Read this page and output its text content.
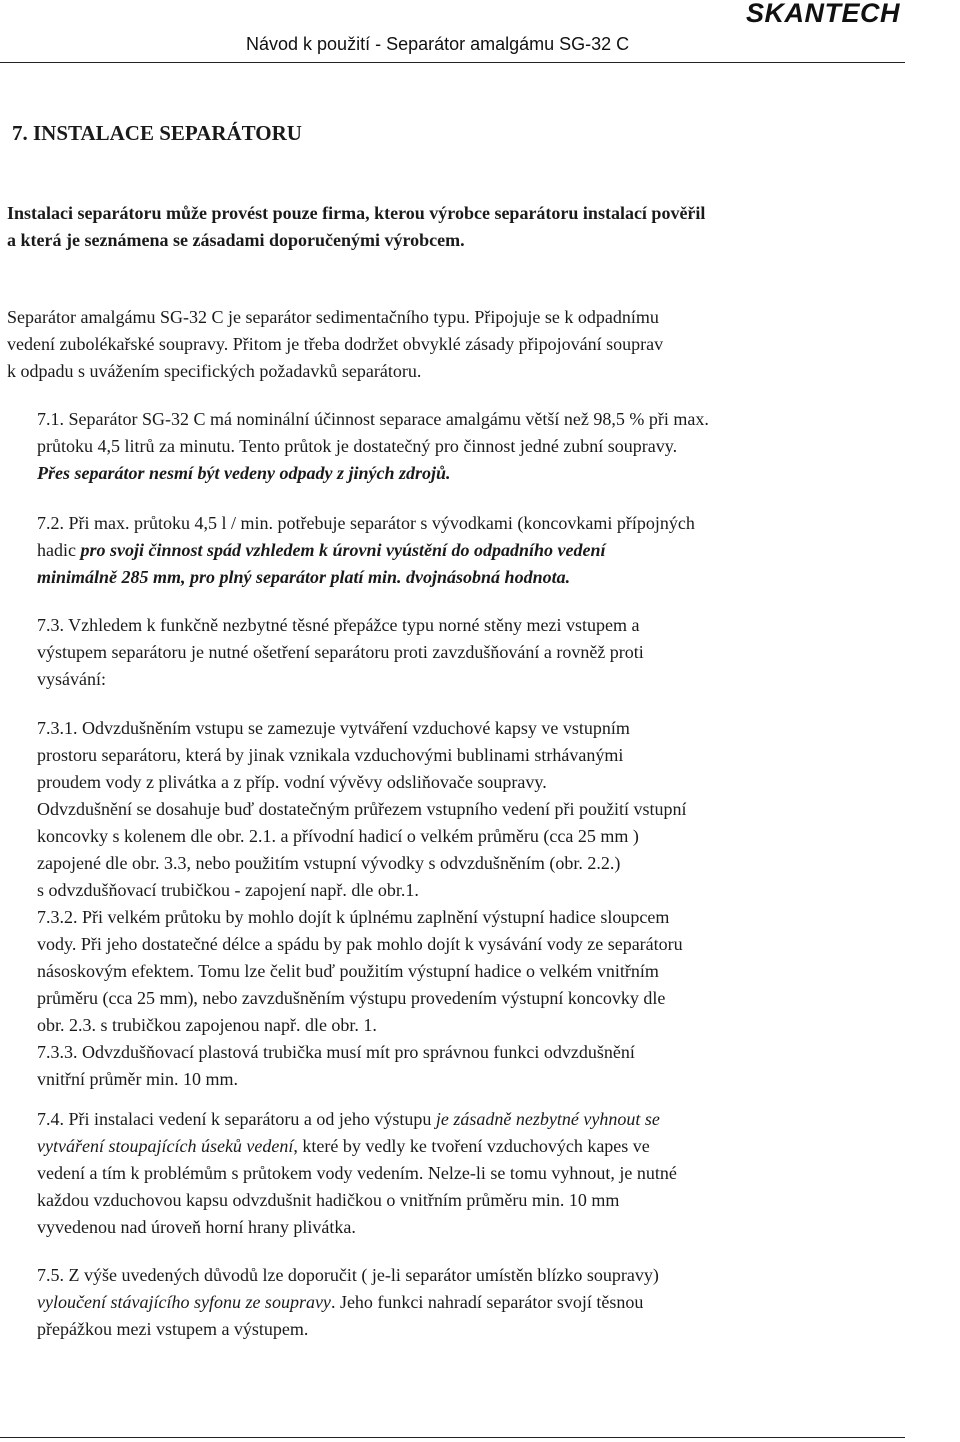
SKANTECH
Návod k použití - Separátor amalgámu SG-32 C

7. INSTALACE SEPARÁTORU

Instalaci separátoru může provést pouze firma, kterou výrobce separátoru instalací pověřil
a která je seznámena se zásadami doporučenými výrobcem.

Separátor amalgámu SG-32 C je separátor sedimentačního typu. Připojuje se k odpadnímu
vedení zubolékařské soupravy. Přitom je třeba dodržet obvyklé zásady připojování souprav
k odpadu s uvážením specifických požadavků separátoru.

7.1. Separátor SG-32 C má nominální účinnost separace amalgámu větší než 98,5 % při max.
průtoku 4,5 litrů za minutu. Tento průtok je dostatečný pro činnost jedné zubní soupravy.
Přes separátor nesmí být vedeny odpady z jiných zdrojů.

7.2. Při max. průtoku 4,5 l / min. potřebuje separátor s vývodkami (koncovkami přípojných
hadic pro svoji činnost spád vzhledem k úrovni vyústění do odpadního vedení
minimálně 285 mm, pro plný separátor platí min. dvojnásobná hodnota.

7.3. Vzhledem k funkčně nezbytné těsné přepážce typu norné stěny mezi vstupem a
výstupem separátoru je nutné ošetření separátoru proti zavzdušňování a rovněž proti
vysávání:

7.3.1. Odvzdušněním vstupu se zamezuje vytváření vzduchové kapsy ve vstupním
prostoru separátoru, která by jinak vznikala vzduchovými bublinami strhávanými
proudem vody z plivátka a z příp. vodní vývěvy odsliňovače soupravy.
Odvzdušnění se dosahuje buď dostatečným průřezem vstupního vedení při použití vstupní
koncovky s kolenem dle obr. 2.1. a přívodní hadicí o velkém průměru (cca 25 mm )
zapojené dle obr. 3.3, nebo použitím vstupní vývodky s odvzdušněním (obr. 2.2.)
s odvzdušňovací trubičkou - zapojení např. dle obr.1.
7.3.2. Při velkém průtoku by mohlo dojít k úplnému zaplnění výstupní hadice sloupcem
vody. Při jeho dostatečné délce a spádu by pak mohlo dojít k vysávání vody ze separátoru
násoskovým efektem. Tomu lze čelit buď použitím výstupní hadice o velkém vnitřním
průměru (cca 25 mm), nebo zavzdušněním výstupu provedením výstupní koncovky dle
obr. 2.3. s trubičkou zapojenou např. dle obr. 1.
7.3.3. Odvzdušňovací plastová trubička musí mít pro správnou funkci odvzdušnění
vnitřní průměr min. 10 mm.

7.4. Při instalaci vedení k separátoru a od jeho výstupu je zásadně nezbytné vyhnout se
vytváření stoupajících úseků vedení, které by vedly ke tvoření vzduchových kapes ve
vedení a tím k problémům s průtokem vody vedením. Nelze-li se tomu vyhnout, je nutné
každou vzduchovou kapsu odvzdušnit hadičkou o vnitřním průměru min. 10 mm
vyvedenou nad úroveň horní hrany plivátka.

7.5. Z výše uvedených důvodů lze doporučit ( je-li separátor umístěn blízko soupravy)
vyloučení stávajícího syfonu ze soupravy. Jeho funkci nahradí separátor svojí těsnou
přepážkou mezi vstupem a výstupem.
